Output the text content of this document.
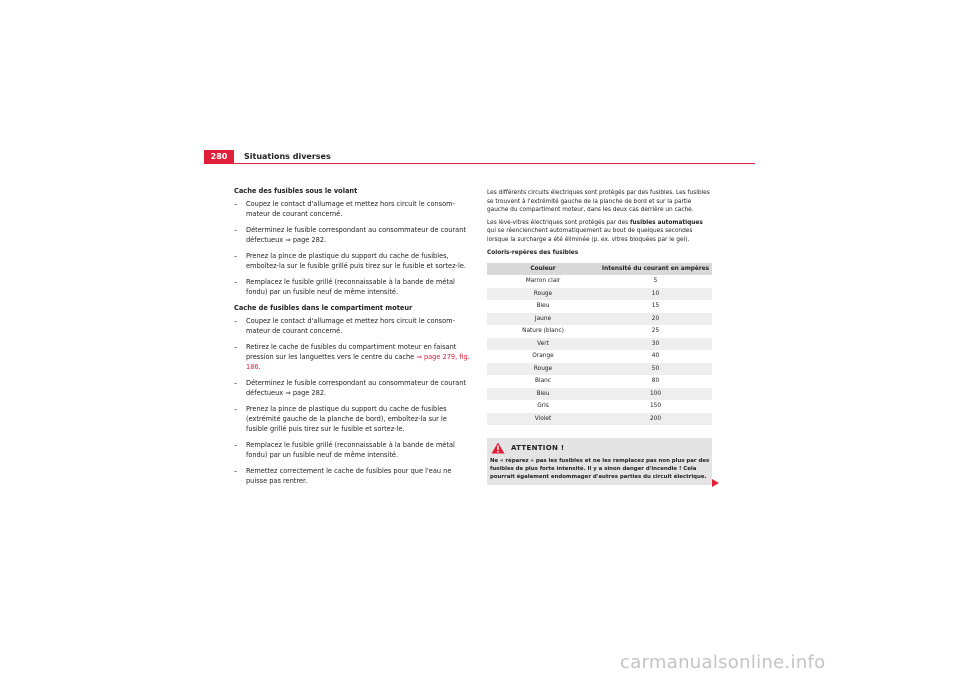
280	Situations diverses
Cache des fusibles sous le volant
– Coupez le contact d'allumage et mettez hors circuit le consom-mateur de courant concerné.
– Déterminez le fusible correspondant au consommateur de courant défectueux ⇒ page 282.
– Prenez la pince de plastique du support du cache de fusibles, emboîtez-la sur le fusible grillé puis tirez sur le fusible et sortez-le.
– Remplacez le fusible grillé (reconnaissable à la bande de métal fondu) par un fusible neuf de même intensité.
Cache de fusibles dans le compartiment moteur
– Coupez le contact d'allumage et mettez hors circuit le consom-mateur de courant concerné.
– Retirez le cache de fusibles du compartiment moteur en faisant pression sur les languettes vers le centre du cache ⇒ page 279, fig. 186.
– Déterminez le fusible correspondant au consommateur de courant défectueux ⇒ page 282.
– Prenez la pince de plastique du support du cache de fusibles (extrémité gauche de la planche de bord), emboîtez-la sur le fusible grillé puis tirez sur le fusible et sortez-le.
– Remplacez le fusible grillé (reconnaissable à la bande de métal fondu) par un fusible neuf de même intensité.
– Remettez correctement le cache de fusibles pour que l'eau ne puisse pas rentrer.

Les différents circuits électriques sont protégés par des fusibles. Les fusibles se trouvent à l'extrémité gauche de la planche de bord et sur la partie gauche du compartiment moteur, dans les deux cas derrière un cache.

Les lève-vitres électriques sont protégés par des fusibles automatiques qui se réenclenchent automatiquement au bout de quelques secondes lorsque la surcharge a été éliminée (p. ex. vitres bloquées par le gel).

Coloris-repères des fusibles

Couleur	Intensité du courant en ampères
Marron clair	5
Rouge	10
Bleu	15
Jaune	20
Nature (blanc)	25
Vert	30
Orange	40
Rouge	50
Blanc	80
Bleu	100
Gris	150
Violet	200
ATTENTION !
Ne « réparez » pas les fusibles et ne les remplacez pas non plus par des fusibles de plus forte intensité. Il y a sinon danger d'incendie ! Cela pourrait également endommager d'autres parties du circuit électrique.
carmanualsonline.info
